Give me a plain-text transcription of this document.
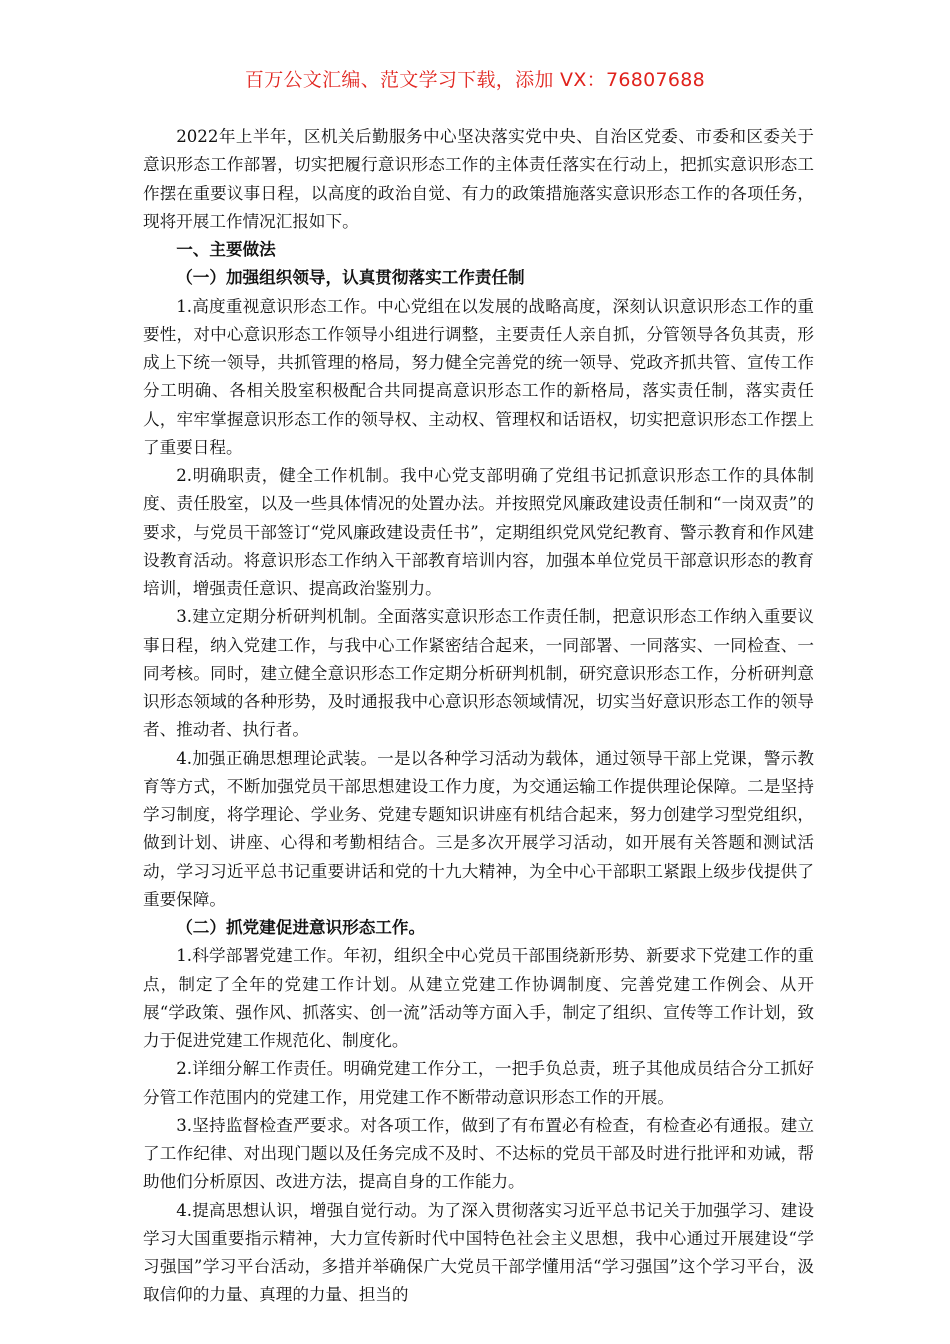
百万公文汇编、范文学习下载，添加 VX：76807688

2022年上半年，区机关后勤服务中心坚决落实党中央、自治区党委、市委和区委关于意识形态工作部署，切实把履行意识形态工作的主体责任落实在行动上，把抓实意识形态工作摆在重要议事日程，以高度的政治自觉、有力的政策措施落实意识形态工作的各项任务，现将开展工作情况汇报如下。

一、主要做法

（一）加强组织领导，认真贯彻落实工作责任制

1.高度重视意识形态工作。中心党组在以发展的战略高度，深刻认识意识形态工作的重要性，对中心意识形态工作领导小组进行调整，主要责任人亲自抓，分管领导各负其责，形成上下统一领导，共抓管理的格局，努力健全完善党的统一领导、党政齐抓共管、宣传工作分工明确、各相关股室积极配合共同提高意识形态工作的新格局，落实责任制，落实责任人，牢牢掌握意识形态工作的领导权、主动权、管理权和话语权，切实把意识形态工作摆上了重要日程。

2.明确职责，健全工作机制。我中心党支部明确了党组书记抓意识形态工作的具体制度、责任股室，以及一些具体情况的处置办法。并按照党风廉政建设责任制和“一岗双责”的要求，与党员干部签订“党风廉政建设责任书”，定期组织党风党纪教育、警示教育和作风建设教育活动。将意识形态工作纳入干部教育培训内容，加强本单位党员干部意识形态的教育培训，增强责任意识、提高政治鉴别力。

3.建立定期分析研判机制。全面落实意识形态工作责任制，把意识形态工作纳入重要议事日程，纳入党建工作，与我中心工作紧密结合起来，一同部署、一同落实、一同检查、一同考核。同时，建立健全意识形态工作定期分析研判机制，研究意识形态工作，分析研判意识形态领域的各种形势，及时通报我中心意识形态领域情况，切实当好意识形态工作的领导者、推动者、执行者。

4.加强正确思想理论武装。一是以各种学习活动为载体，通过领导干部上党课，警示教育等方式，不断加强党员干部思想建设工作力度，为交通运输工作提供理论保障。二是坚持学习制度，将学理论、学业务、党建专题知识讲座有机结合起来，努力创建学习型党组织，做到计划、讲座、心得和考勤相结合。三是多次开展学习活动，如开展有关答题和测试活动，学习习近平总书记重要讲话和党的十九大精神，为全中心干部职工紧跟上级步伐提供了重要保障。

（二）抓党建促进意识形态工作。

1.科学部署党建工作。年初，组织全中心党员干部围绕新形势、新要求下党建工作的重点，制定了全年的党建工作计划。从建立党建工作协调制度、完善党建工作例会、从开展“学政策、强作风、抓落实、创一流”活动等方面入手，制定了组织、宣传等工作计划，致力于促进党建工作规范化、制度化。

2.详细分解工作责任。明确党建工作分工，一把手负总责，班子其他成员结合分工抓好分管工作范围内的党建工作，用党建工作不断带动意识形态工作的开展。

3.坚持监督检查严要求。对各项工作，做到了有布置必有检查，有检查必有通报。建立了工作纪律、对出现门题以及任务完成不及时、不达标的党员干部及时进行批评和劝诫，帮助他们分析原因、改进方法，提高自身的工作能力。

4.提高思想认识，增强自觉行动。为了深入贯彻落实习近平总书记关于加强学习、建设学习大国重要指示精神，大力宣传新时代中国特色社会主义思想，我中心通过开展建设“学习强国”学习平台活动，多措并举确保广大党员干部学懂用活“学习强国”这个学习平台，汲取信仰的力量、真理的力量、担当的
